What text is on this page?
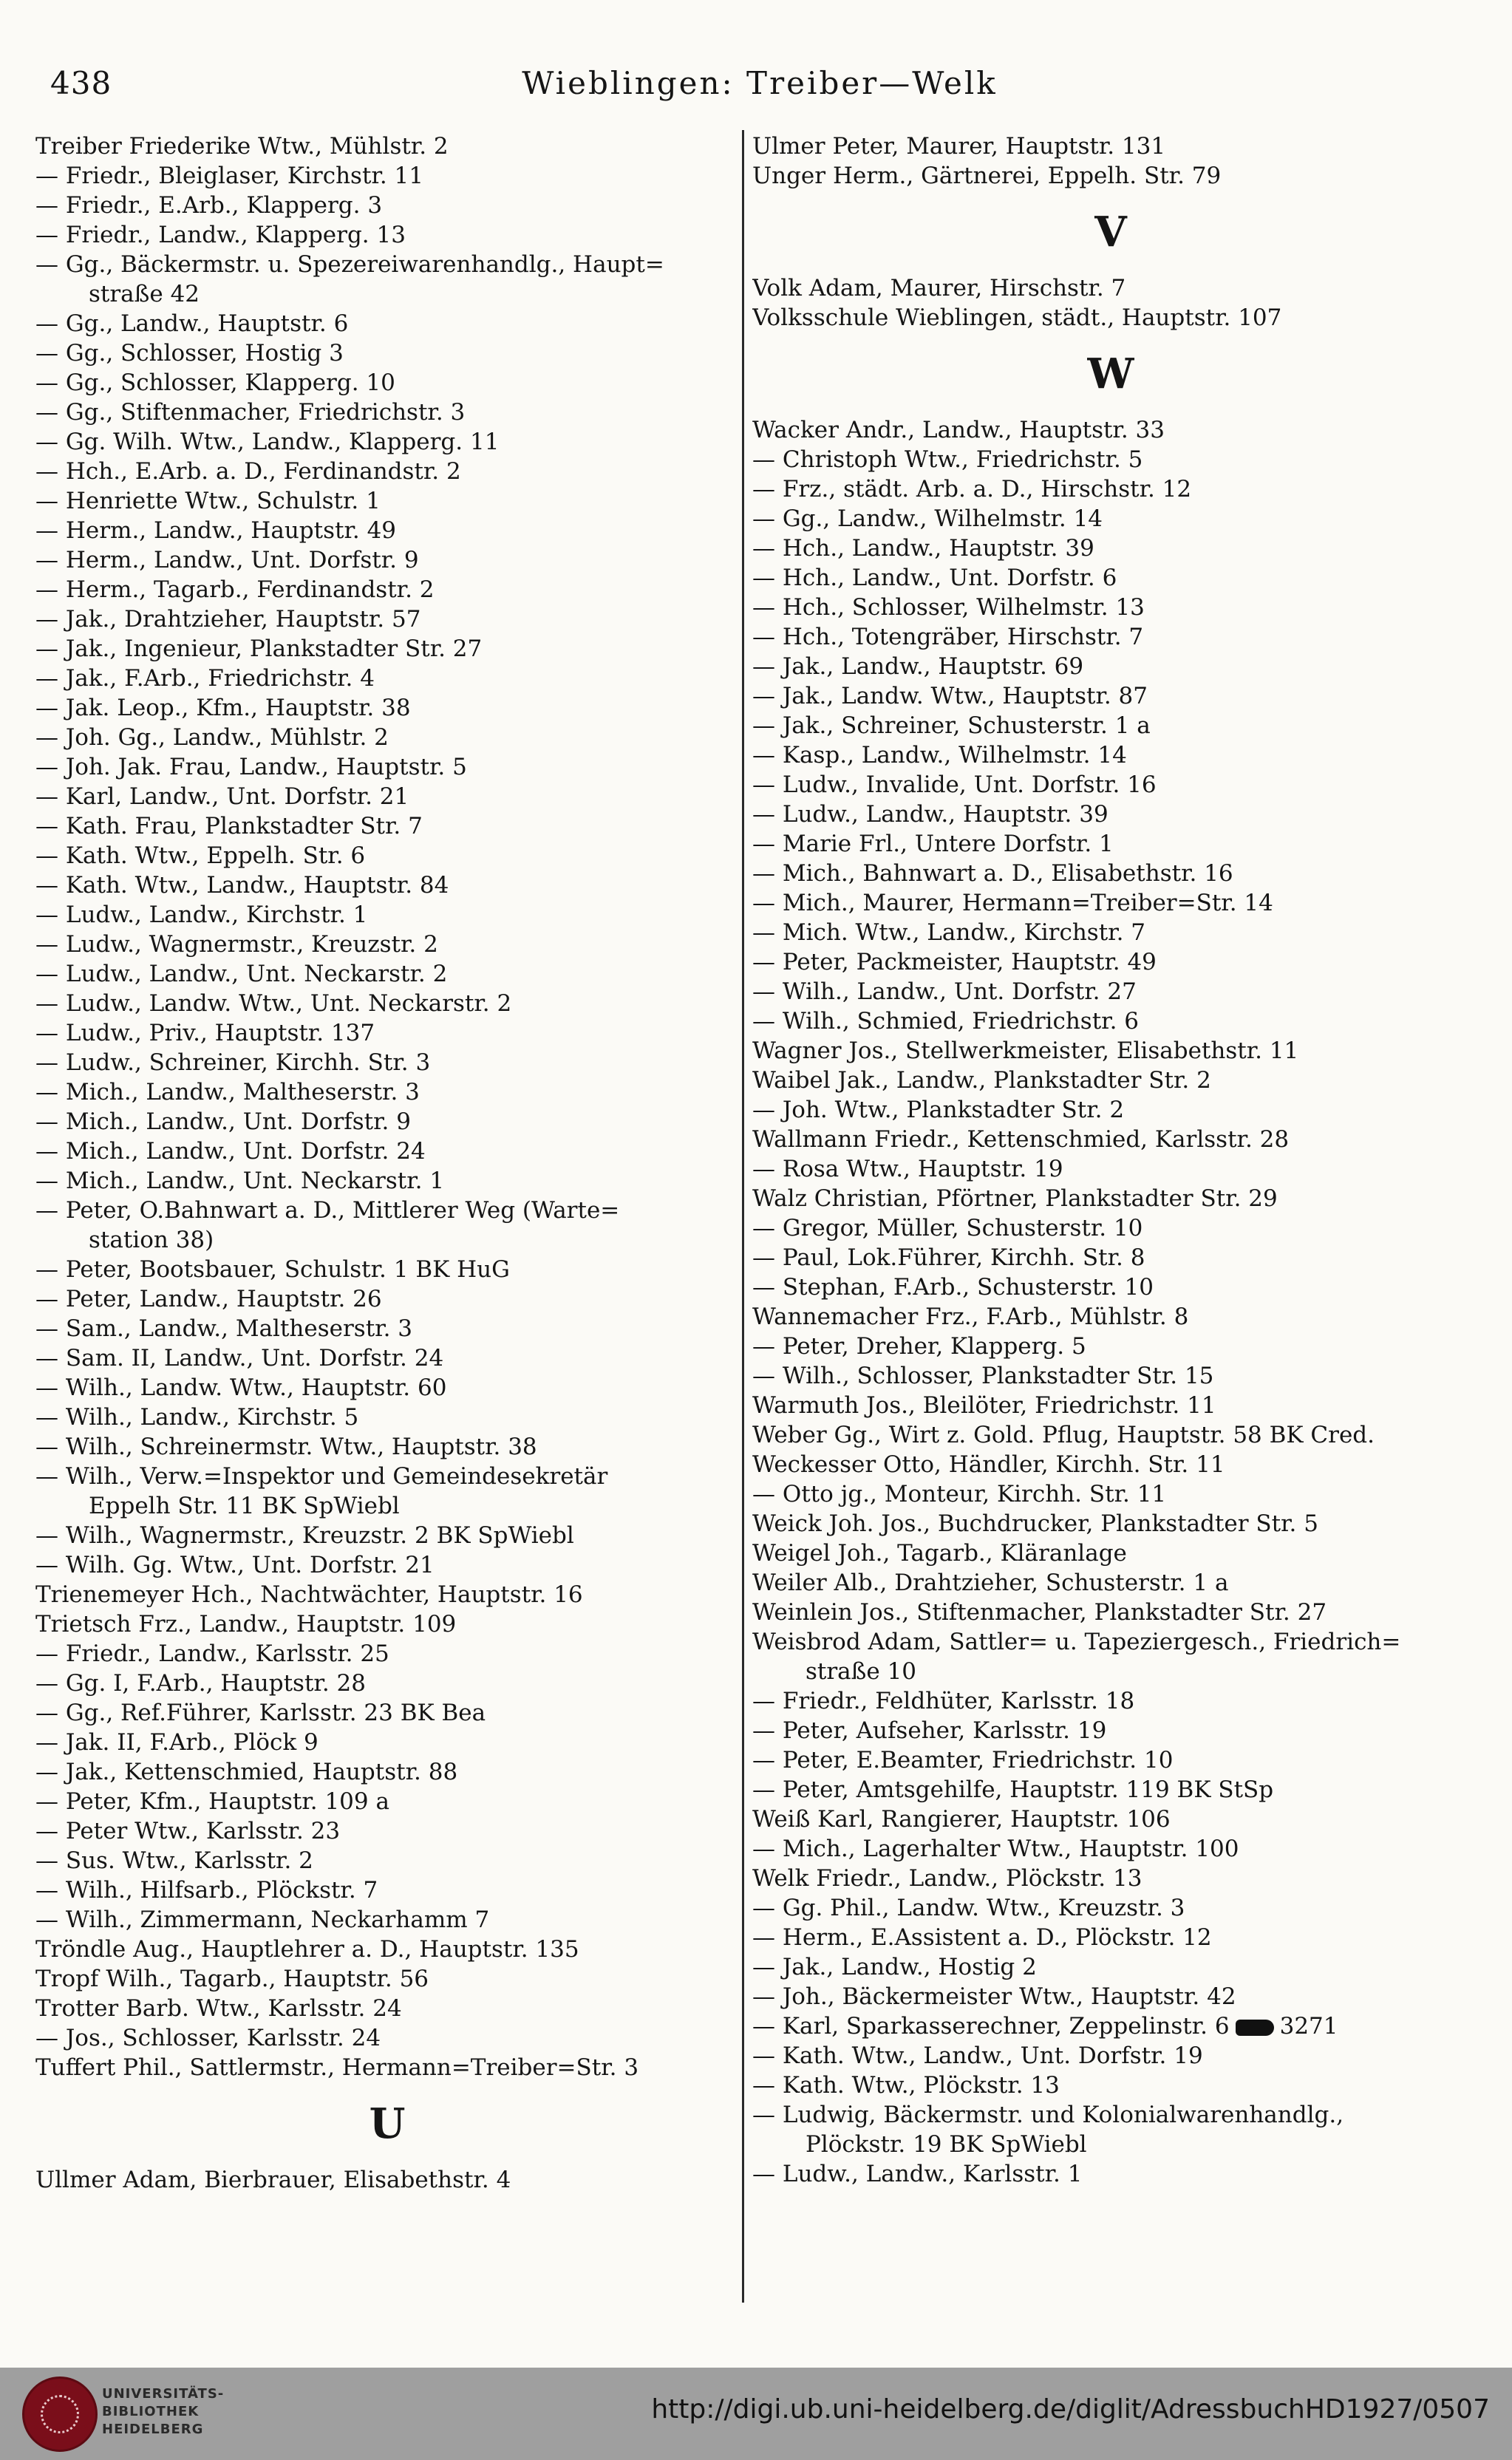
438	Wieblingen: Treiber—Welk
Treiber Friederike Wtw., Mühlstr. 2
— Friedr., Bleiglaser, Kirchstr. 11
— Friedr., E.Arb., Klapperg. 3
— Friedr., Landw., Klapperg. 13
— Gg., Bäckermstr. u. Spezereiwarenhandlg., Haupt=
straße 42
— Gg., Landw., Hauptstr. 6
— Gg., Schlosser, Hostig 3
— Gg., Schlosser, Klapperg. 10
— Gg., Stiftenmacher, Friedrichstr. 3
— Gg. Wilh. Wtw., Landw., Klapperg. 11
— Hch., E.Arb. a. D., Ferdinandstr. 2
— Henriette Wtw., Schulstr. 1
— Herm., Landw., Hauptstr. 49
— Herm., Landw., Unt. Dorfstr. 9
— Herm., Tagarb., Ferdinandstr. 2
— Jak., Drahtzieher, Hauptstr. 57
— Jak., Ingenieur, Plankstadter Str. 27
— Jak., F.Arb., Friedrichstr. 4
— Jak. Leop., Kfm., Hauptstr. 38
— Joh. Gg., Landw., Mühlstr. 2
— Joh. Jak. Frau, Landw., Hauptstr. 5
— Karl, Landw., Unt. Dorfstr. 21
— Kath. Frau, Plankstadter Str. 7
— Kath. Wtw., Eppelh. Str. 6
— Kath. Wtw., Landw., Hauptstr. 84
— Ludw., Landw., Kirchstr. 1
— Ludw., Wagnermstr., Kreuzstr. 2
— Ludw., Landw., Unt. Neckarstr. 2
— Ludw., Landw. Wtw., Unt. Neckarstr. 2
— Ludw., Priv., Hauptstr. 137
— Ludw., Schreiner, Kirchh. Str. 3
— Mich., Landw., Maltheserstr. 3
— Mich., Landw., Unt. Dorfstr. 9
— Mich., Landw., Unt. Dorfstr. 24
— Mich., Landw., Unt. Neckarstr. 1
— Peter, O.Bahnwart a. D., Mittlerer Weg (Warte=
station 38)
— Peter, Bootsbauer, Schulstr. 1 BK HuG
— Peter, Landw., Hauptstr. 26
— Sam., Landw., Maltheserstr. 3
— Sam. II, Landw., Unt. Dorfstr. 24
— Wilh., Landw. Wtw., Hauptstr. 60
— Wilh., Landw., Kirchstr. 5
— Wilh., Schreinermstr. Wtw., Hauptstr. 38
— Wilh., Verw.=Inspektor und Gemeindesekretär
Eppelh Str. 11 BK SpWiebl
— Wilh., Wagnermstr., Kreuzstr. 2 BK SpWiebl
— Wilh. Gg. Wtw., Unt. Dorfstr. 21
Trienemeyer Hch., Nachtwächter, Hauptstr. 16
Trietsch Frz., Landw., Hauptstr. 109
— Friedr., Landw., Karlsstr. 25
— Gg. I, F.Arb., Hauptstr. 28
— Gg., Ref.Führer, Karlsstr. 23 BK Bea
— Jak. II, F.Arb., Plöck 9
— Jak., Kettenschmied, Hauptstr. 88
— Peter, Kfm., Hauptstr. 109 a
— Peter Wtw., Karlsstr. 23
— Sus. Wtw., Karlsstr. 2
— Wilh., Hilfsarb., Plöckstr. 7
— Wilh., Zimmermann, Neckarhamm 7
Tröndle Aug., Hauptlehrer a. D., Hauptstr. 135
Tropf Wilh., Tagarb., Hauptstr. 56
Trotter Barb. Wtw., Karlsstr. 24
— Jos., Schlosser, Karlsstr. 24
Tuffert Phil., Sattlermstr., Hermann=Treiber=Str. 3
U
Ullmer Adam, Bierbrauer, Elisabethstr. 4
Ulmer Peter, Maurer, Hauptstr. 131
Unger Herm., Gärtnerei, Eppelh. Str. 79
V
Volk Adam, Maurer, Hirschstr. 7
Volksschule Wieblingen, städt., Hauptstr. 107
W
Wacker Andr., Landw., Hauptstr. 33
— Christoph Wtw., Friedrichstr. 5
— Frz., städt. Arb. a. D., Hirschstr. 12
— Gg., Landw., Wilhelmstr. 14
— Hch., Landw., Hauptstr. 39
— Hch., Landw., Unt. Dorfstr. 6
— Hch., Schlosser, Wilhelmstr. 13
— Hch., Totengräber, Hirschstr. 7
— Jak., Landw., Hauptstr. 69
— Jak., Landw. Wtw., Hauptstr. 87
— Jak., Schreiner, Schusterstr. 1 a
— Kasp., Landw., Wilhelmstr. 14
— Ludw., Invalide, Unt. Dorfstr. 16
— Ludw., Landw., Hauptstr. 39
— Marie Frl., Untere Dorfstr. 1
— Mich., Bahnwart a. D., Elisabethstr. 16
— Mich., Maurer, Hermann=Treiber=Str. 14
— Mich. Wtw., Landw., Kirchstr. 7
— Peter, Packmeister, Hauptstr. 49
— Wilh., Landw., Unt. Dorfstr. 27
— Wilh., Schmied, Friedrichstr. 6
Wagner Jos., Stellwerkmeister, Elisabethstr. 11
Waibel Jak., Landw., Plankstadter Str. 2
— Joh. Wtw., Plankstadter Str. 2
Wallmann Friedr., Kettenschmied, Karlsstr. 28
— Rosa Wtw., Hauptstr. 19
Walz Christian, Pförtner, Plankstadter Str. 29
— Gregor, Müller, Schusterstr. 10
— Paul, Lok.Führer, Kirchh. Str. 8
— Stephan, F.Arb., Schusterstr. 10
Wannemacher Frz., F.Arb., Mühlstr. 8
— Peter, Dreher, Klapperg. 5
— Wilh., Schlosser, Plankstadter Str. 15
Warmuth Jos., Bleilöter, Friedrichstr. 11
Weber Gg., Wirt z. Gold. Pflug, Hauptstr. 58 BK Cred.
Weckesser Otto, Händler, Kirchh. Str. 11
— Otto jg., Monteur, Kirchh. Str. 11
Weick Joh. Jos., Buchdrucker, Plankstadter Str. 5
Weigel Joh., Tagarb., Kläranlage
Weiler Alb., Drahtzieher, Schusterstr. 1 a
Weinlein Jos., Stiftenmacher, Plankstadter Str. 27
Weisbrod Adam, Sattler= u. Tapeziergesch., Friedrich=
straße 10
— Friedr., Feldhüter, Karlsstr. 18
— Peter, Aufseher, Karlsstr. 19
— Peter, E.Beamter, Friedrichstr. 10
— Peter, Amtsgehilfe, Hauptstr. 119 BK StSp
Weiß Karl, Rangierer, Hauptstr. 106
— Mich., Lagerhalter Wtw., Hauptstr. 100
Welk Friedr., Landw., Plöckstr. 13
— Gg. Phil., Landw. Wtw., Kreuzstr. 3
— Herm., E.Assistent a. D., Plöckstr. 12
— Jak., Landw., Hostig 2
— Joh., Bäckermeister Wtw., Hauptstr. 42
— Karl, Sparkasserechner, Zeppelinstr. 6 3271
— Kath. Wtw., Landw., Unt. Dorfstr. 19
— Kath. Wtw., Plöckstr. 13
— Ludwig, Bäckermstr. und Kolonialwarenhandlg.,
Plöckstr. 19 BK SpWiebl
— Ludw., Landw., Karlsstr. 1
UNIVERSITÄTS-
BIBLIOTHEK
HEIDELBERG
http://digi.ub.uni-heidelberg.de/diglit/AdressbuchHD1927/0507
